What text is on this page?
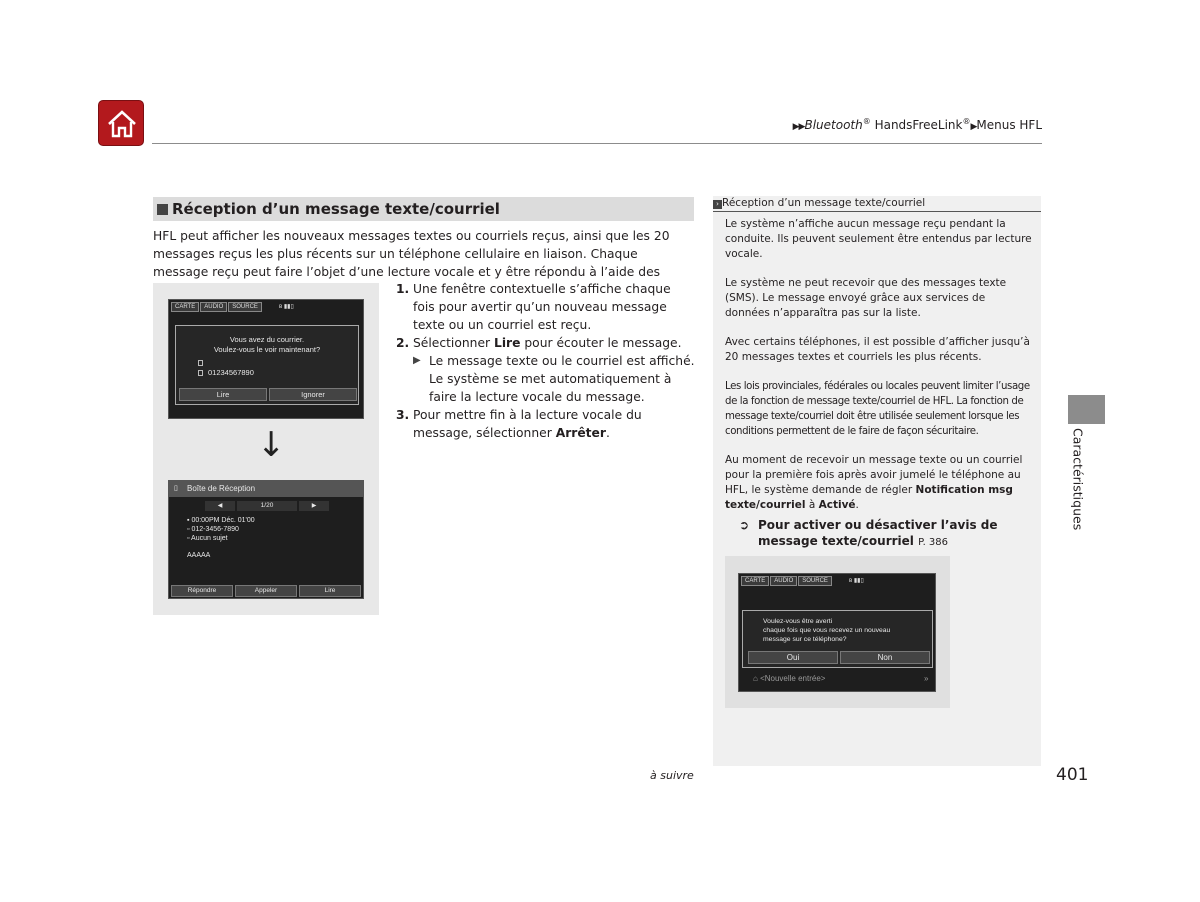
▶▶Bluetooth® HandsFreeLink®▶Menus HFL
Réception d’un message texte/courriel
HFL peut afficher les nouveaux messages textes ou courriels reçus, ainsi que les 20 messages reçus les plus récents sur un téléphone cellulaire en liaison. Chaque message reçu peut faire l’objet d’une lecture vocale et y être répondu à l’aide des
CARTE	AUDIO	SOURCE	ʙ ▮▮▯
Vous avez du courrier.
Voulez-vous le voir maintenant?
01234567890
Lire	Ignorer
↓
▯ Boîte de Réception
◀	1/20	▶
▪ 00:00PM Déc. 01'00
▫ 012-3456-7890
▫ Aucun sujet
AAAAA
Répondre	Appeler	Lire
1. Une fenêtre contextuelle s’affiche chaque fois pour avertir qu’un nouveau message texte ou un courriel est reçu.
2. Sélectionner Lire pour écouter le message.
▶ Le message texte ou le courriel est affiché. Le système se met automatiquement à faire la lecture vocale du message.
3. Pour mettre fin à la lecture vocale du message, sélectionner Arrêter.
› Réception d’un message texte/courriel

Le système n’affiche aucun message reçu pendant la conduite. Ils peuvent seulement être entendus par lecture vocale.

Le système ne peut recevoir que des messages texte (SMS). Le message envoyé grâce aux services de données n’apparaîtra pas sur la liste.

Avec certains téléphones, il est possible d’afficher jusqu’à 20 messages textes et courriels les plus récents.

Les lois provinciales, fédérales ou locales peuvent limiter l’usage de la fonction de message texte/courriel de HFL. La fonction de message texte/courriel doit être utilisée seulement lorsque les conditions permettent de le faire de façon sécuritaire.

Au moment de recevoir un message texte ou un courriel pour la première fois après avoir jumelé le téléphone au HFL, le système demande de régler Notification msg texte/courriel à Activé.

➲ Pour activer ou désactiver l’avis de message texte/courriel P. 386
CARTE	AUDIO	SOURCE	ʙ ▮▮▯
Voulez-vous être averti
chaque fois que vous recevez un nouveau
message sur ce téléphone?
Oui	Non
⌂ <Nouvelle entrée>	»
Caractéristiques
à suivre	401
